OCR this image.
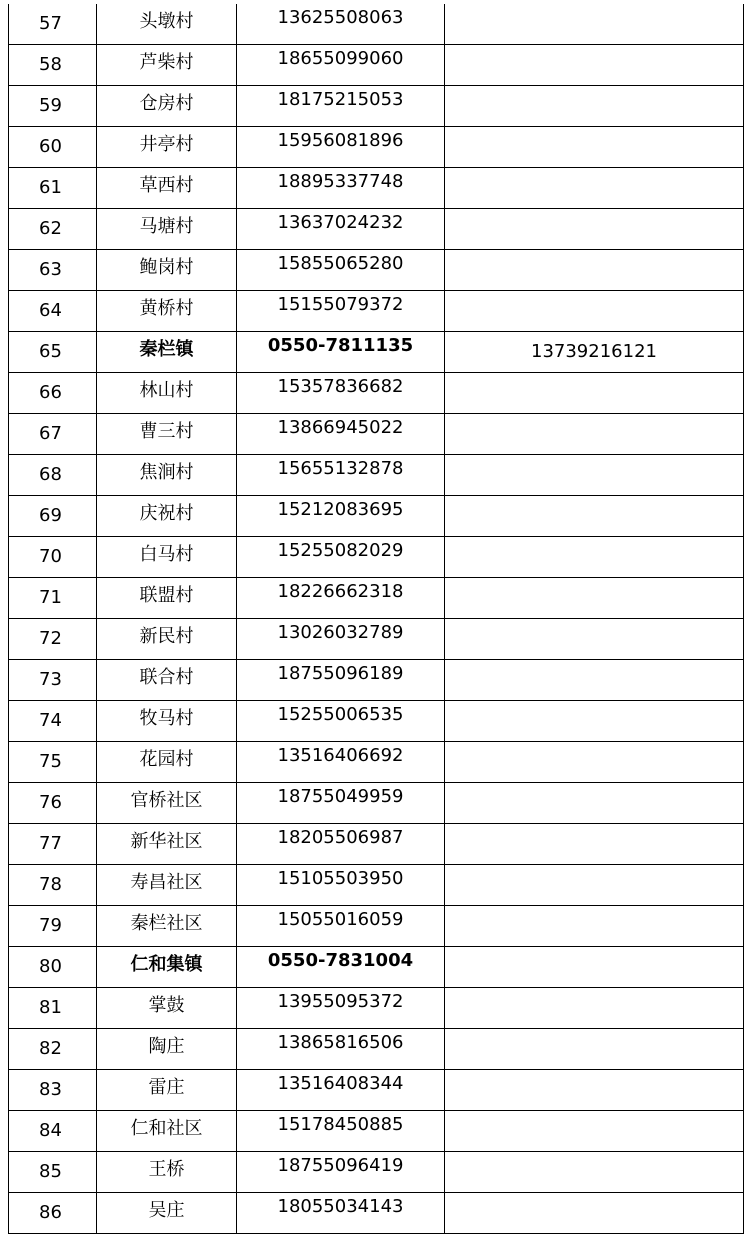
57	头墩村	13625508063	
58	芦柴村	18655099060	
59	仓房村	18175215053	
60	井亭村	15956081896	
61	草西村	18895337748	
62	马塘村	13637024232	
63	鲍岗村	15855065280	
64	黄桥村	15155079372	
65	秦栏镇	0550-7811135	13739216121
66	林山村	15357836682	
67	曹三村	13866945022	
68	焦涧村	15655132878	
69	庆祝村	15212083695	
70	白马村	15255082029	
71	联盟村	18226662318	
72	新民村	13026032789	
73	联合村	18755096189	
74	牧马村	15255006535	
75	花园村	13516406692	
76	官桥社区	18755049959	
77	新华社区	18205506987	
78	寿昌社区	15105503950	
79	秦栏社区	15055016059	
80	仁和集镇	0550-7831004	
81	掌鼓	13955095372	
82	陶庄	13865816506	
83	雷庄	13516408344	
84	仁和社区	15178450885	
85	王桥	18755096419	
86	吴庄	18055034143	
